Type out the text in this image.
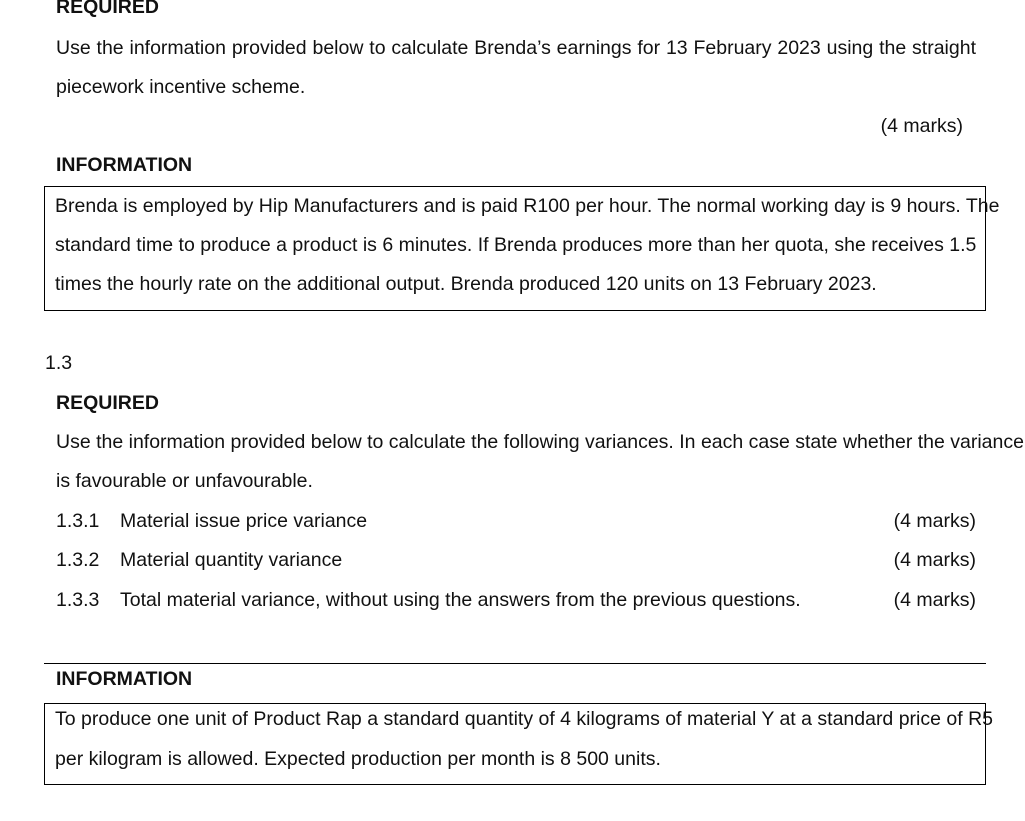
REQUIRED
Use the information provided below to calculate Brenda’s earnings for 13 February 2023 using the straight
piecework incentive scheme.
(4 marks)
INFORMATION
Brenda is employed by Hip Manufacturers and is paid R100 per hour. The normal working day is 9 hours. The
standard time to produce a product is 6 minutes. If Brenda produces more than her quota, she receives 1.5
times the hourly rate on the additional output. Brenda produced 120 units on 13 February 2023.
1.3
REQUIRED
Use the information provided below to calculate the following variances. In each case state whether the variance
is favourable or unfavourable.
1.3.1 Material issue price variance	(4 marks)
1.3.2 Material quantity variance	(4 marks)
1.3.3 Total material variance, without using the answers from the previous questions.	(4 marks)
INFORMATION
To produce one unit of Product Rap a standard quantity of 4 kilograms of material Y at a standard price of R5
per kilogram is allowed. Expected production per month is 8 500 units.
